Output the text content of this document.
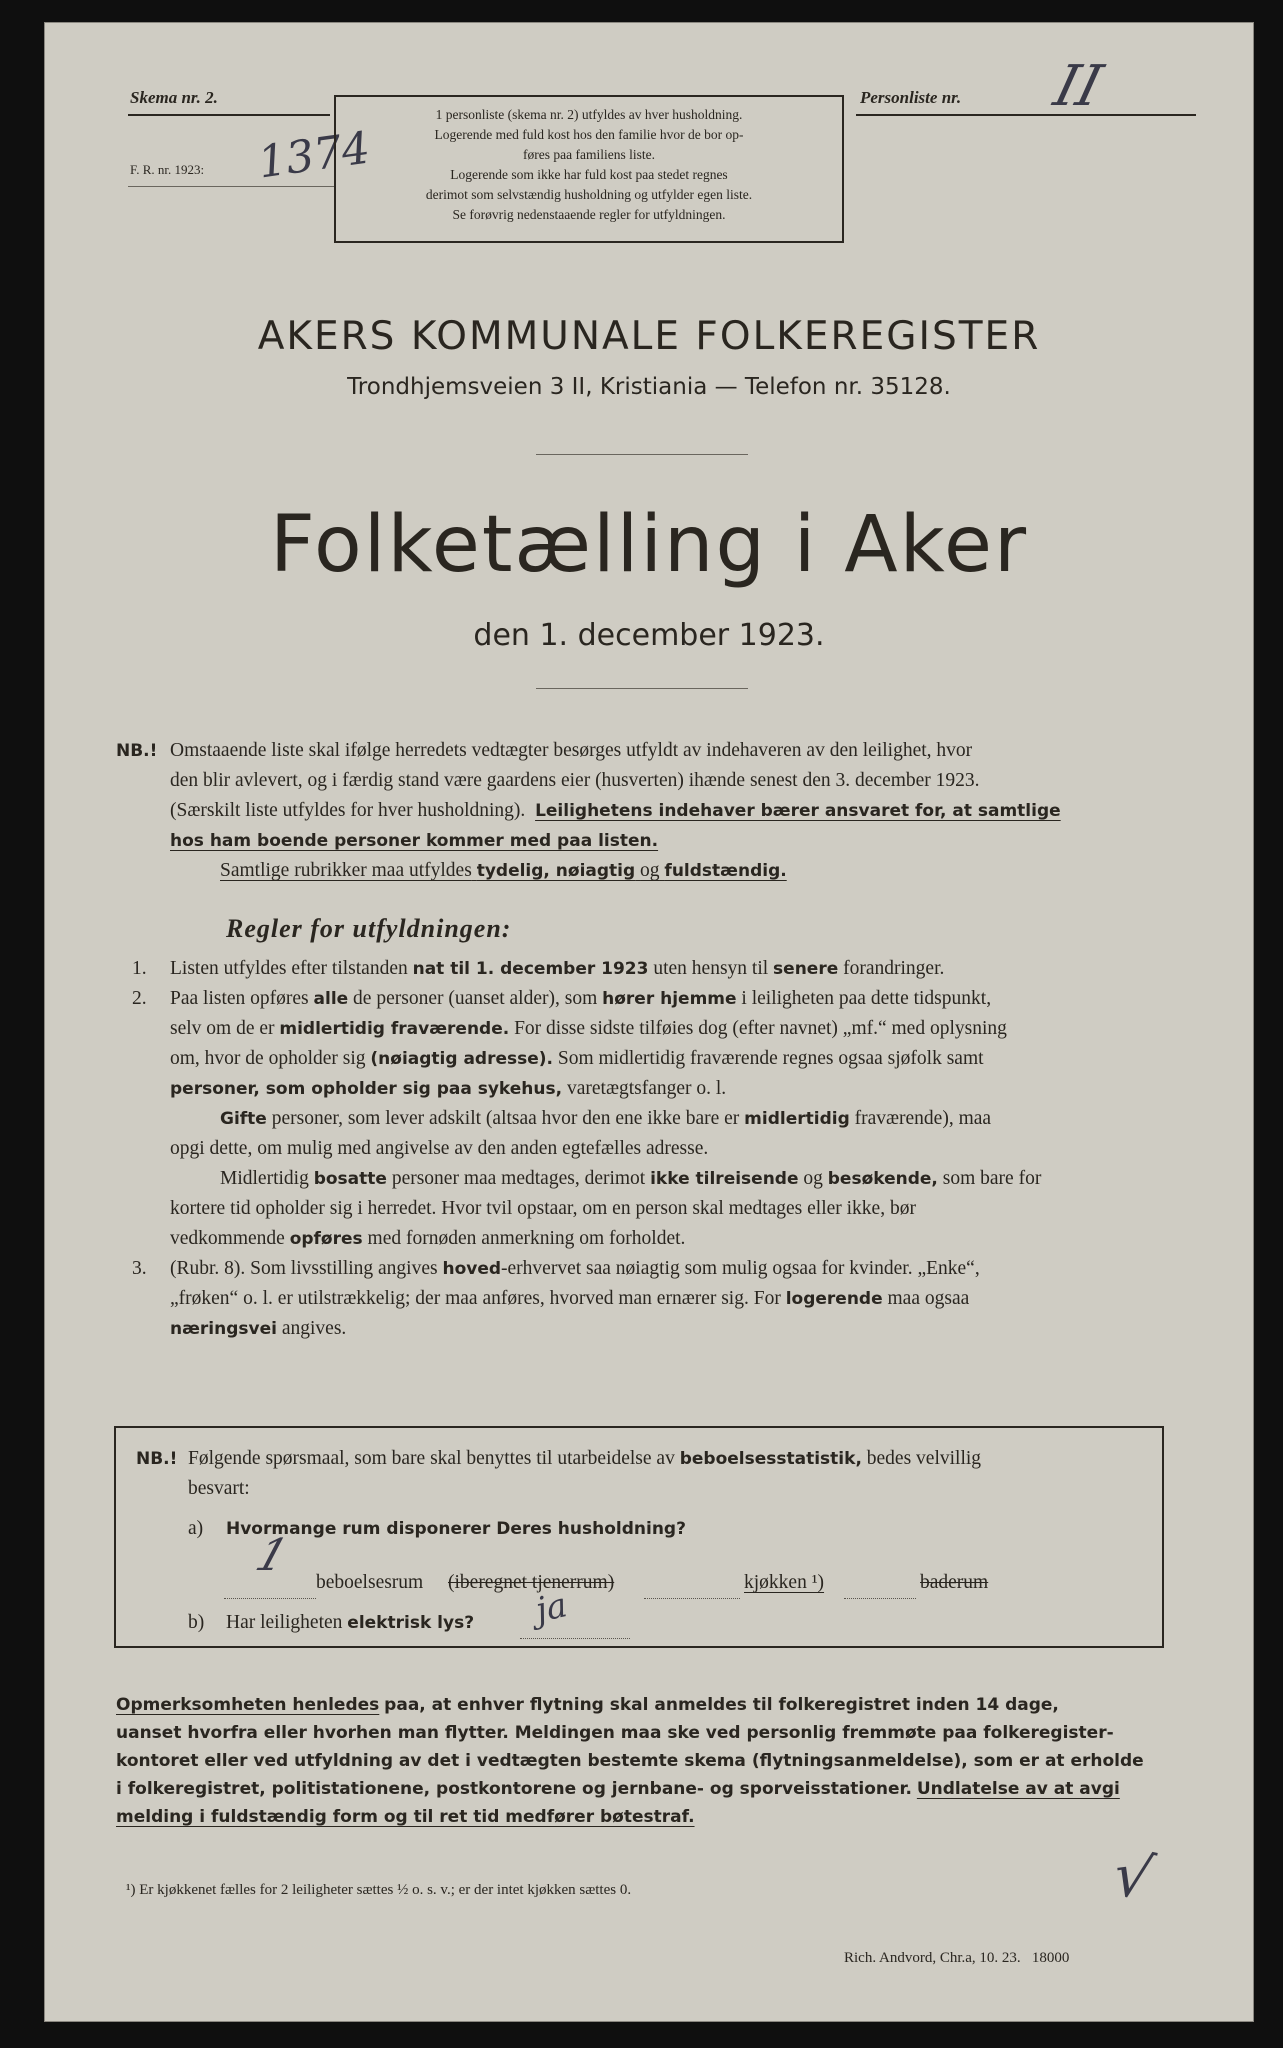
Skema nr. 2.
F. R. nr. 1923: 1374
1 personliste (skema nr. 2) utfyldes av hver husholdning.
Logerende med fuld kost hos den familie hvor de bor op-
føres paa familiens liste.
Logerende som ikke har fuld kost paa stedet regnes
derimot som selvstændig husholdning og utfylder egen liste.
Se forøvrig nedenstaaende regler for utfyldningen.
Personliste nr. II
AKERS KOMMUNALE FOLKEREGISTER
Trondhjemsveien 3 II, Kristiania — Telefon nr. 35128.
Folketælling i Aker
den 1. december 1923.
NB.! Omstaaende liste skal ifølge herredets vedtægter besørges utfyldt av indehaveren av den leilighet, hvor
den blir avlevert, og i færdig stand være gaardens eier (husverten) ihænde senest den 3. december 1923.
(Særskilt liste utfyldes for hver husholdning). Leilighetens indehaver bærer ansvaret for, at samtlige
hos ham boende personer kommer med paa listen.
Samtlige rubrikker maa utfyldes tydelig, nøiagtig og fuldstændig.
Regler for utfyldningen:
1. Listen utfyldes efter tilstanden nat til 1. december 1923 uten hensyn til senere forandringer.
2. Paa listen opføres alle de personer (uanset alder), som hører hjemme i leiligheten paa dette tidspunkt,
selv om de er midlertidig fraværende. For disse sidste tilføies dog (efter navnet) „mf.“ med oplysning
om, hvor de opholder sig (nøiagtig adresse). Som midlertidig fraværende regnes ogsaa sjøfolk samt
personer, som opholder sig paa sykehus, varetægtsfanger o. l.
Gifte personer, som lever adskilt (altsaa hvor den ene ikke bare er midlertidig fraværende), maa
opgi dette, om mulig med angivelse av den anden egtefælles adresse.
Midlertidig bosatte personer maa medtages, derimot ikke tilreisende og besøkende, som bare for
kortere tid opholder sig i herredet. Hvor tvil opstaar, om en person skal medtages eller ikke, bør
vedkommende opføres med fornøden anmerkning om forholdet.
3. (Rubr. 8). Som livsstilling angives hoved-erhvervet saa nøiagtig som mulig ogsaa for kvinder. „Enke“,
„frøken“ o. l. er utilstrækkelig; der maa anføres, hvorved man ernærer sig. For logerende maa ogsaa
næringsvei angives.
NB.! Følgende spørsmaal, som bare skal benyttes til utarbeidelse av beboelsesstatistik, bedes velvillig
besvart:
a) Hvormange rum disponerer Deres husholdning?
1
beboelsesrum (iberegnet tjenerrum)	kjøkken ¹)	baderum
b) Har leiligheten elektrisk lys? ja
Opmerksomheten henledes paa, at enhver flytning skal anmeldes til folkeregistret inden 14 dage,
uanset hvorfra eller hvorhen man flytter. Meldingen maa ske ved personlig fremmøte paa folkeregister-
kontoret eller ved utfyldning av det i vedtægten bestemte skema (flytningsanmeldelse), som er at erholde
i folkeregistret, politistationene, postkontorene og jernbane- og sporveisstationer. Undlatelse av at avgi
melding i fuldstændig form og til ret tid medfører bøtestraf.
¹) Er kjøkkenet fælles for 2 leiligheter sættes ½ o. s. v.; er der intet kjøkken sættes 0.	√
Rich. Andvord, Chr.a, 10. 23.   18000
